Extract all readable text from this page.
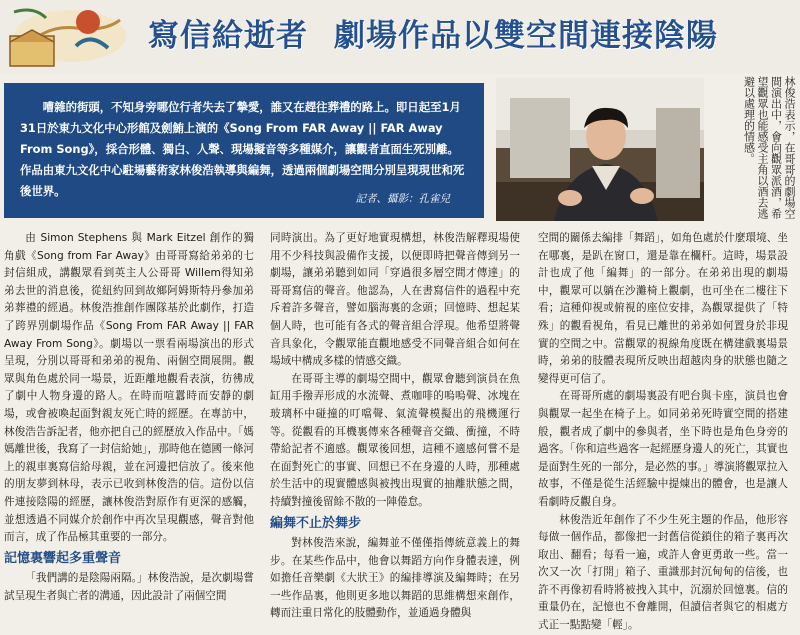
寫信給逝者 劇場作品以雙空間連接陰陽

嘈雜的街頭，不知身旁哪位行者失去了摯愛，誰又在趕往葬禮的路上。即日起至1月31日於東九文化中心形館及劍鮪上演的《Song From FAR Away || FAR Away From Song》，採合形體、獨白、人聲、現場擬音等多種媒介，讓觀者直面生死別離。作品由東九文化中心駐場藝術家林俊浩執導與編舞，透過兩個劇場空間分別呈現現世和死後世界。

記者、攝影：孔雀兒	林俊浩表示，在哥哥的劇場空間演出中，會向觀眾派酒，希望觀眾也能感受主角以酒去逃避以處理的情感。

由 Simon Stephens 與 Mark Eitzel 創作的獨角戲《Song from Far Away》由哥哥寫給弟弟的七封信組成，講觀眾看到英主人公哥哥 Willem得知弟弟去世的消息後，從紐約回到故鄉阿姆斯特丹參加弟弟葬禮的經過。林俊浩推創作團隊基於此劇作，打造了跨界別劇場作品《Song From FAR Away || FAR Away From Song》。劇場以一票看兩場演出的形式呈現，分別以哥哥和弟弟的視角、兩個空間展開。觀眾與角色處於同一場景，近距離地觀看表演，彷彿成了劇中人物身邊的路人。在時而喧囂時而安靜的劇場，或會被喚起面對親友死亡時的經歷。在專訪中，林俊浩告訴記者，他亦把自己的經歷放入作品中。「媽媽離世後，我寫了一封信給她」，那時他在德國一條河上的親車裏寫信給母親，並在河邊把信放了。後來他的朋友夢到林母，表示已收到林俊浩的信。這份以信件連接陰陽的經歷，讓林俊浩對原作有更深的感觸，並想透過不同媒介於創作中再次呈現觀感，聲音對他而言，成了作品極其重要的一部分。

記憶裏響起多重聲音

「我們講的是陰陽兩隔。」林俊浩說，是次劇場嘗試呈現生者與亡者的溝通，因此設計了兩個空間

同時演出。為了更好地實現構想，林俊浩解釋現場使用不少科技與設備作支援，以便即時把聲音傳到另一劇場，讓弟弟聽到如同「穿過很多層空間才傳達」的哥哥寫信的聲音。他認為，人在書寫信件的過程中充斥着許多聲音，譬如腦海裏的念頭；回憶時、想起某個人時，也可能有各式的聲音組合浮現。他希望將聲音具象化，令觀眾能直觀地感受不同聲音組合如何在場域中構成多樣的情感交織。

在哥哥主導的劇場空間中，觀眾會聽到演員在魚缸用手撥弄形成的水流聲、煮咖啡的嗚嗚聲、冰塊在玻璃杯中碰撞的叮噹聲、氣流聲模擬出的飛機運行等。從觀看的耳機裏傳來各種聲音交織、衝撞，不時帶給記者不適感。觀眾後回想，這種不適感何嘗不是在面對死亡的事實、回想已不在身邊的人時，那種處於生活中的現實體感與被拽出現實的抽離狀態之間，持續對撞後留餘不散的一陣倦怠。

編舞不止於舞步

對林俊浩來說，編舞並不僅僅指傳統意義上的舞步。在某些作品中，他會以舞蹈方向作身體表達，例如擔任音樂劇《大狀王》的編排導演及編舞時；在另一些作品裏，他則更多地以舞蹈的思維構想來創作，轉而注重日常化的肢體動作，並通過身體與

空間的關係去編排「舞蹈」，如角色處於什麼環境、坐在哪裏，是趴在窗口，還是靠在欄杆。這時，場景設計也成了他「編舞」的一部分。在弟弟出現的劇場中，觀眾可以躺在沙灘椅上觀劇，也可坐在二樓往下看；這種仰視或俯視的座位安排，為觀眾提供了「特殊」的觀看視角，看見已離世的弟弟如何置身於非現實的空間之中。當觀眾的視線角度既在構建戲裏場景時，弟弟的肢體表現所反映出超越肉身的狀態也隨之變得更可信了。

在哥哥所處的劇場裏設有吧台與卡座，演員也會與觀眾一起坐在椅子上。如同弟弟死時實空間的搭建般，觀者成了劇中的參與者，坐下時也是角色身旁的過客。「你和這些過客一起經歷身邊人的死亡，其實也是面對生死的一部分，是必然的事。」導演將觀眾拉入故事，不僅是從生活經驗中提煉出的體會，也是讓人看劇時反觀自身。

林俊浩近年創作了不少生死主題的作品，他形容每做一個作品，都像把一封舊信從鎖住的箱子裏再次取出、翻看；每看一遍，或許人會更勇敢一些。當一次又一次「打開」箱子、重識那封沉甸甸的信後，也許不再像初看時將被拽入其中，沉溺於回憶裏。信的重量仍在，記憶也不會離開，但讀信者與它的相處方式正一點點變「輕」。
